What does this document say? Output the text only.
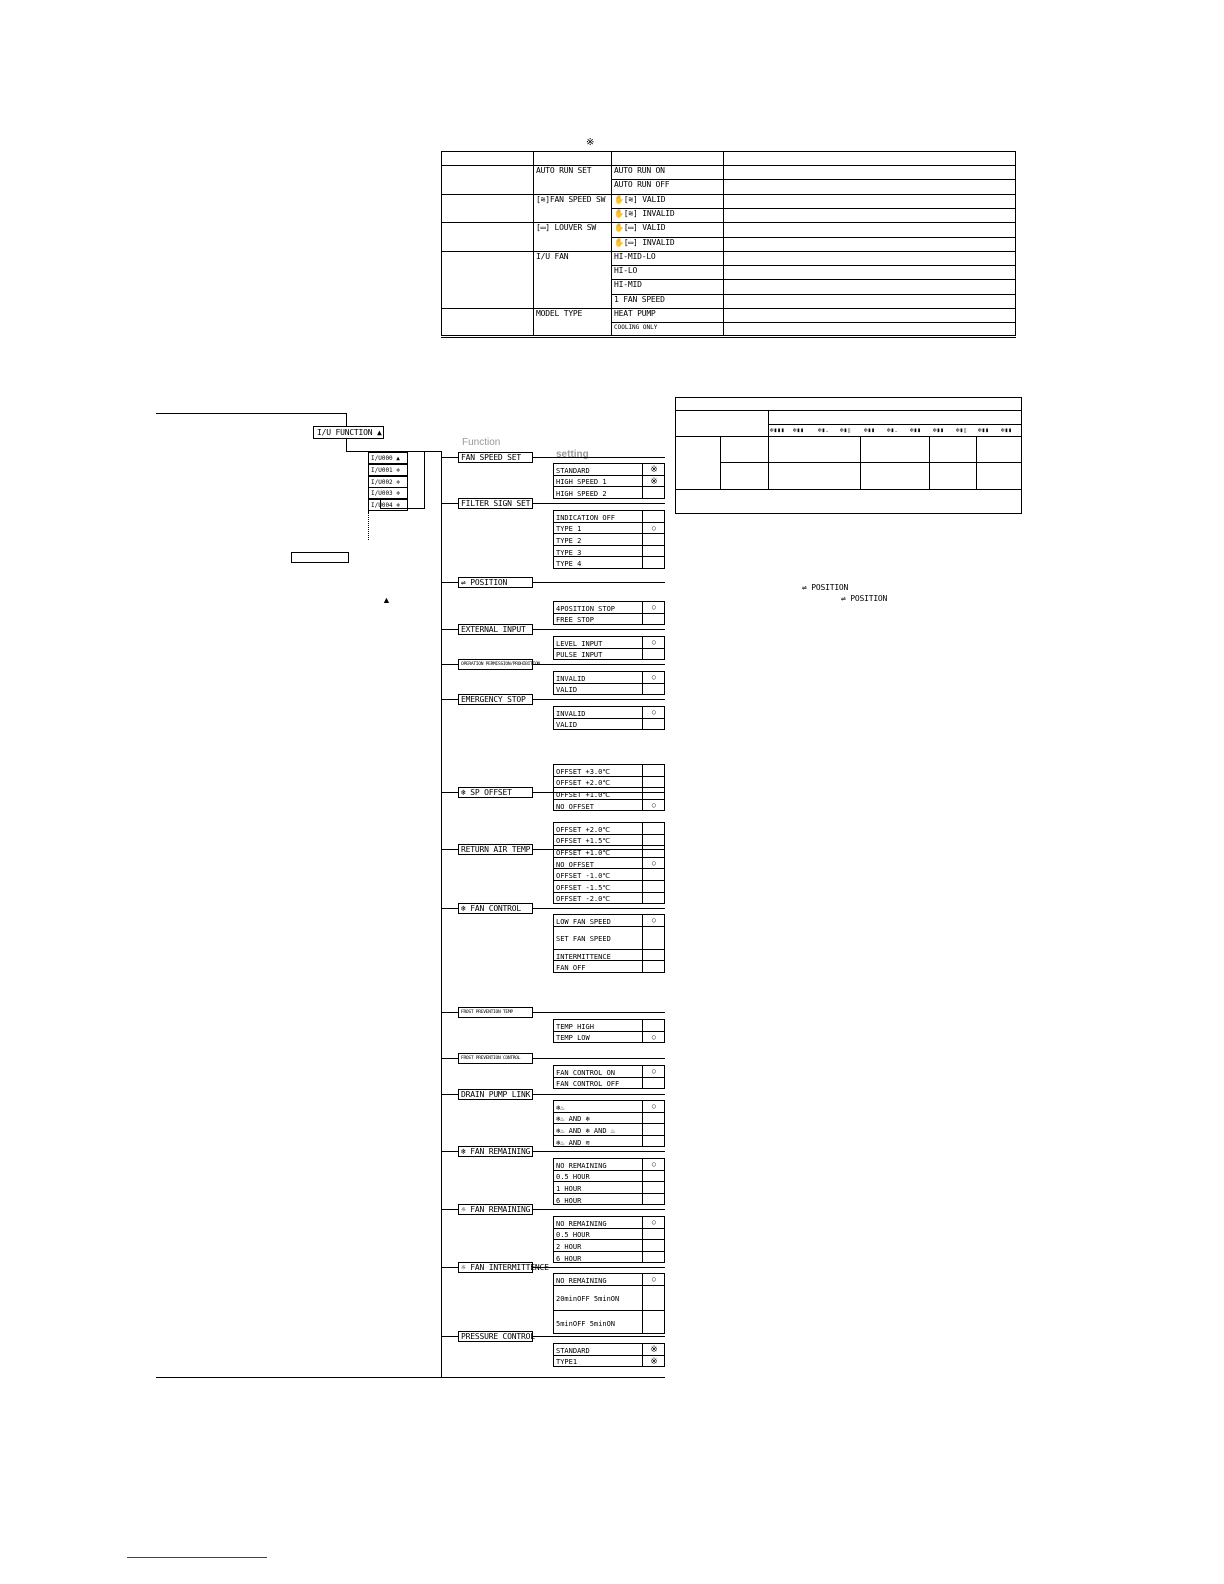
※
AUTO RUN SET	AUTO RUN ON
AUTO RUN OFF
[≋]FAN SPEED SW ✋[≋] VALID
✋[≋] INVALID
[▭] LOUVER SW ✋[▭] VALID
✋[▭] INVALID
I/U FAN	HI-MID-LO
HI-LO
HI-MID
1 FAN SPEED
MODEL TYPE	HEAT PUMP
COOLING ONLY
I/U FUNCTION ▲
I/U000 ▲
I/U001 ≑
I/U002 ≑
I/U003 ≑
I/U004 ≑
▲
Function
setting
FAN SPEED SET
STANDARD	※
HIGH SPEED 1	※
HIGH SPEED 2
FILTER SIGN SET
INDICATION OFF
TYPE 1	○
TYPE 2
TYPE 3
TYPE 4
⇌ POSITION
4POSITION STOP	○
FREE STOP
EXTERNAL INPUT
LEVEL INPUT	○
PULSE INPUT
OPERATION PERMISSION/PROHIBITION
INVALID	○
VALID
EMERGENCY STOP
INVALID	○
VALID
❄ SP OFFSET
OFFSET +3.0℃
OFFSET +2.0℃
OFFSET +1.0℃
NO OFFSET	○
RETURN AIR TEMP
OFFSET +2.0℃
OFFSET +1.5℃
OFFSET +1.0℃
NO OFFSET	○
OFFSET -1.0℃
OFFSET -1.5℃
OFFSET -2.0℃
❄ FAN CONTROL
LOW FAN SPEED	○
SET FAN SPEED
INTERMITTENCE
FAN OFF
FROST PREVENTION TEMP
TEMP HIGH
TEMP LOW	○
FROST PREVENTION CONTROL
FAN CONTROL ON	○
FAN CONTROL OFF
DRAIN PUMP LINK
❄♨	○
❄♨ AND ❄
❄♨ AND ❄ AND ♨
❄♨ AND ≋
❄ FAN REMAINING
NO REMAINING	○
0.5 HOUR
1 HOUR
6 HOUR
☼ FAN REMAINING
NO REMAINING	○
0.5 HOUR
2 HOUR
6 HOUR
☼ FAN INTERMITTENCE
NO REMAINING	○
20minOFF 5minON
5minOFF 5minON
PRESSURE CONTROL
STANDARD	※
TYPE1	※
❄▮▮▮ ❄▮▮ ❄▮. ❄▮▯ ❄▮▮ ❄▮. ❄▮▮ ❄▮▮ ❄▮▯ ❄▮▮ ❄▮▮
⇌ POSITION
⇌ POSITION
